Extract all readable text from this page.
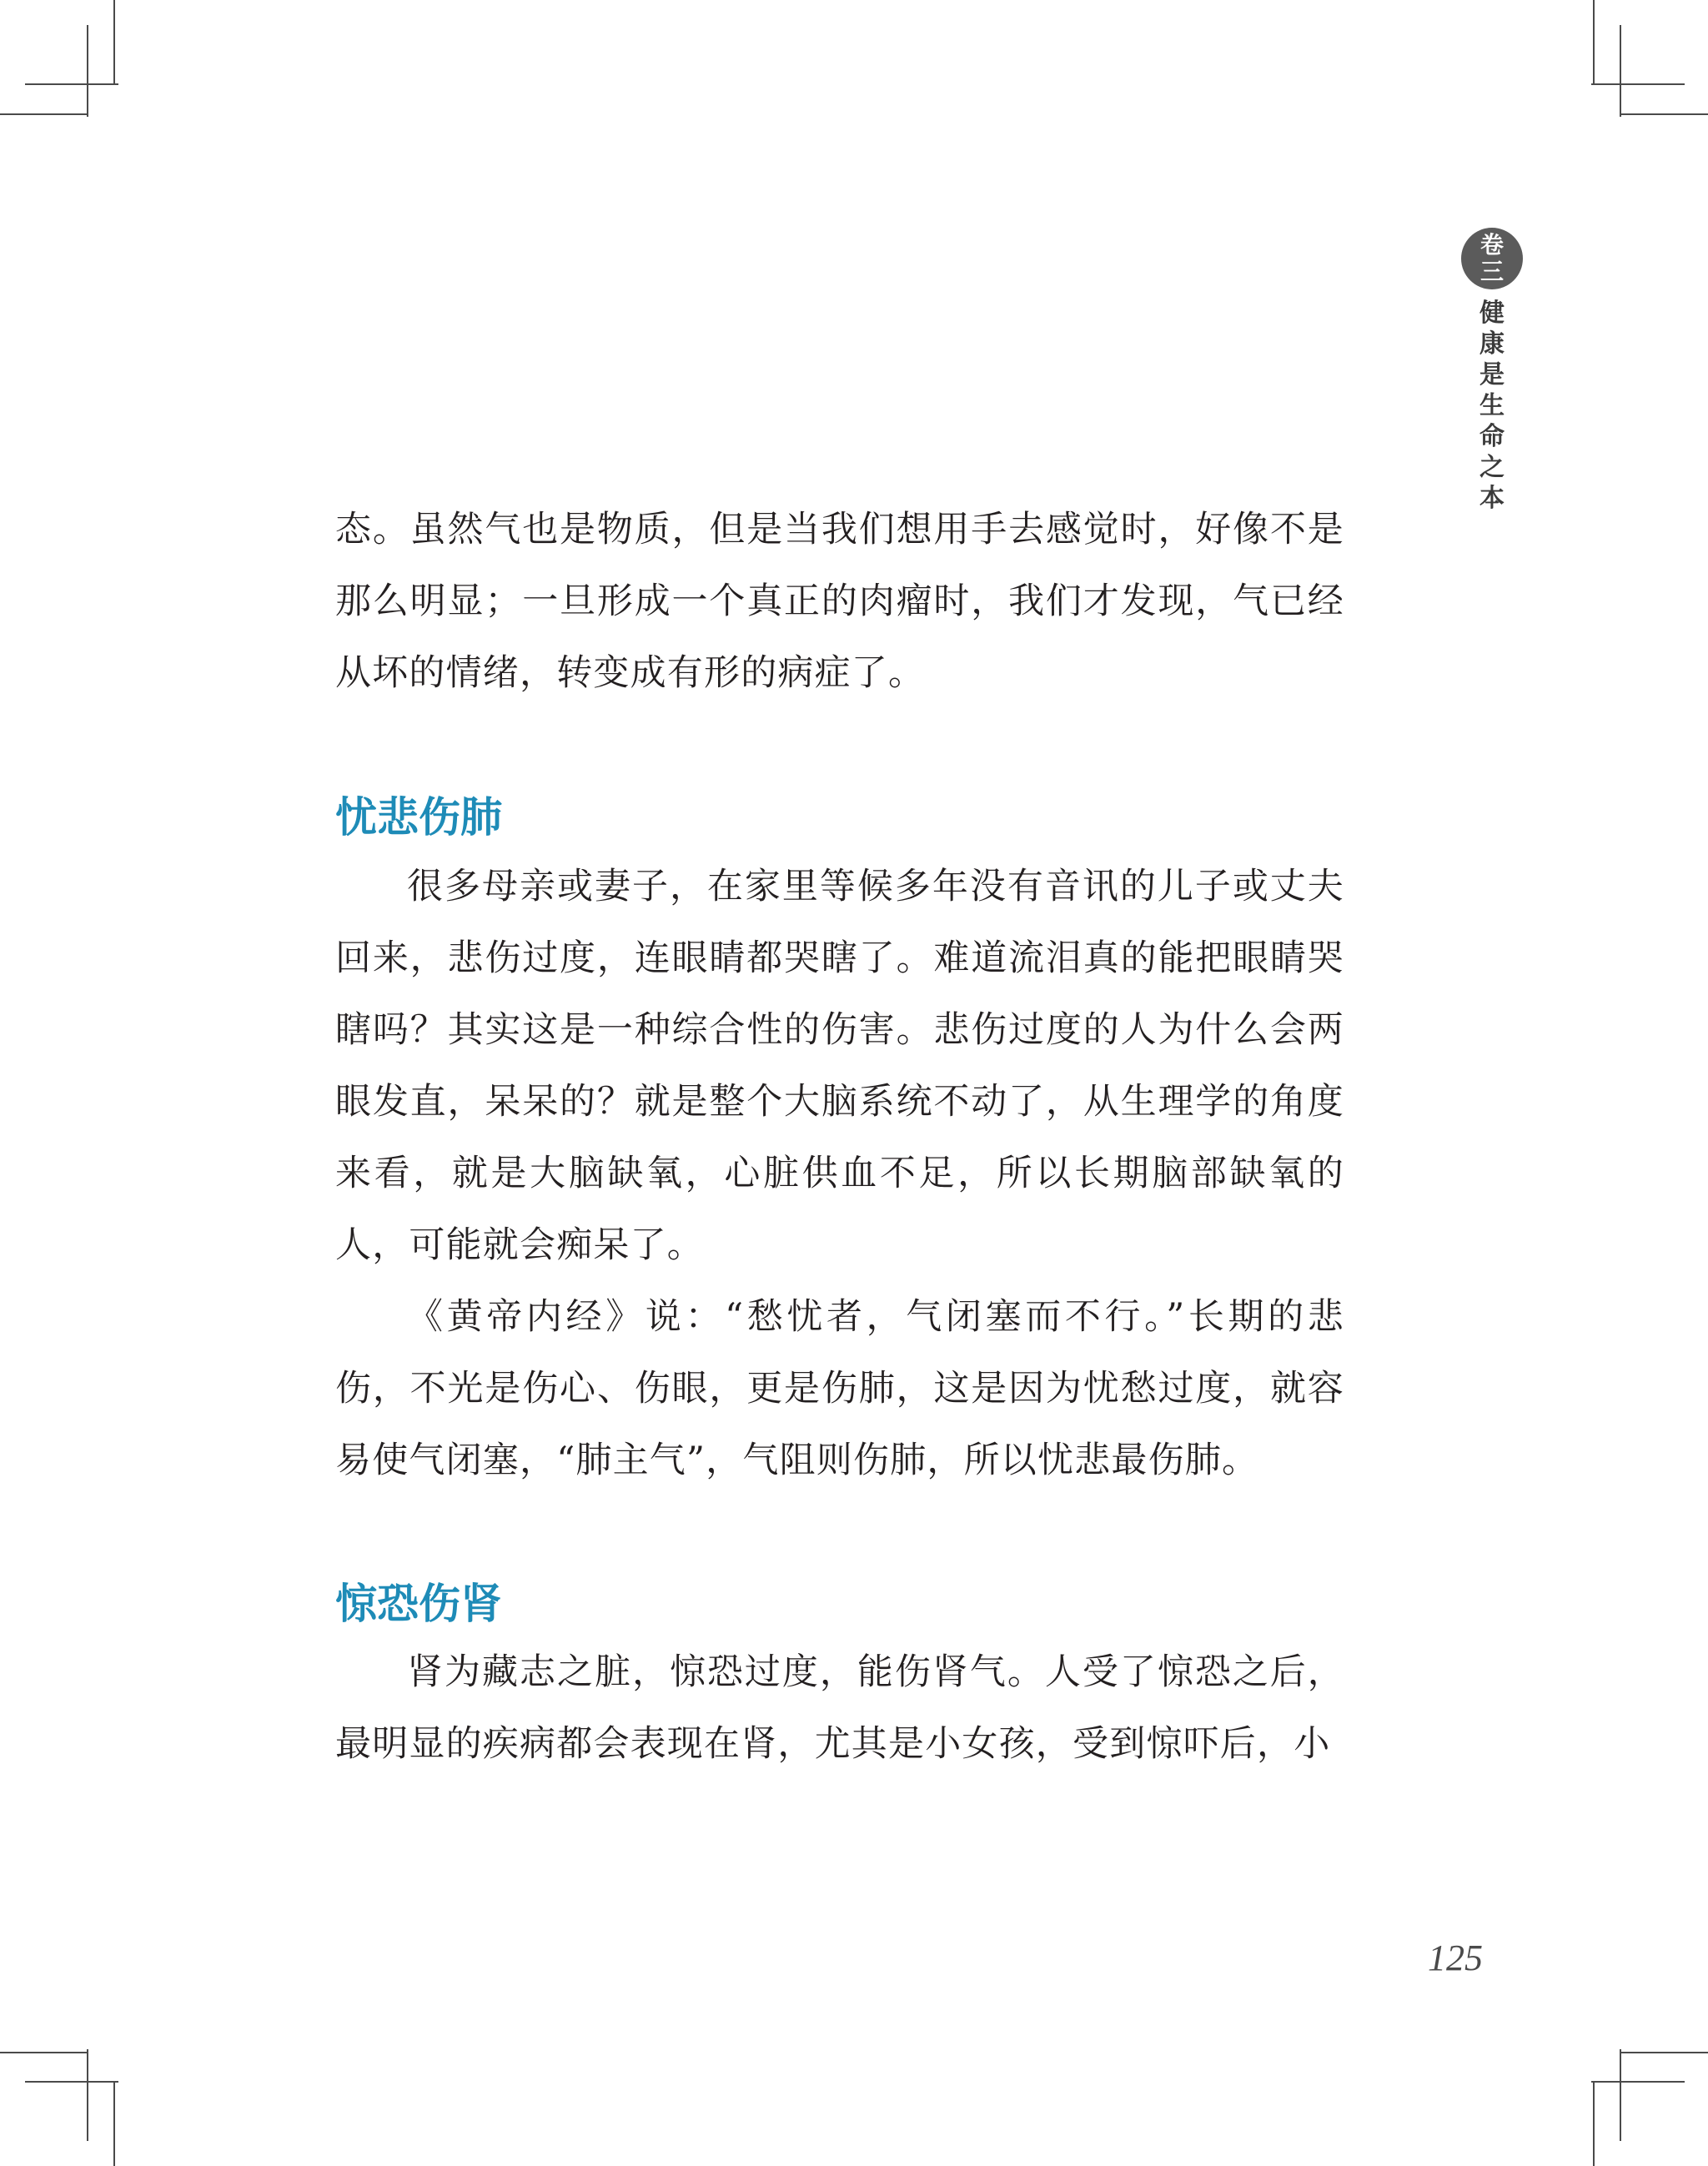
卷
三
健
康
是
生
命
之
本

态。虽然气也是物质，但是当我们想用手去感觉时，好像不是那么明显；一旦形成一个真正的肉瘤时，我们才发现，气已经从坏的情绪，转变成有形的病症了。

忧悲伤肺

很多母亲或妻子，在家里等候多年没有音讯的儿子或丈夫回来，悲伤过度，连眼睛都哭瞎了。难道流泪真的能把眼睛哭瞎吗？其实这是一种综合性的伤害。悲伤过度的人为什么会两眼发直，呆呆的？就是整个大脑系统不动了，从生理学的角度来看，就是大脑缺氧，心脏供血不足，所以长期脑部缺氧的人，可能就会痴呆了。

《黄帝内经》说：“愁忧者，气闭塞而不行。”长期的悲伤，不光是伤心、伤眼，更是伤肺，这是因为忧愁过度，就容易使气闭塞，“肺主气”，气阻则伤肺，所以忧悲最伤肺。

惊恐伤肾

肾为藏志之脏，惊恐过度，能伤肾气。人受了惊恐之后，最明显的疾病都会表现在肾，尤其是小女孩，受到惊吓后，小

125
